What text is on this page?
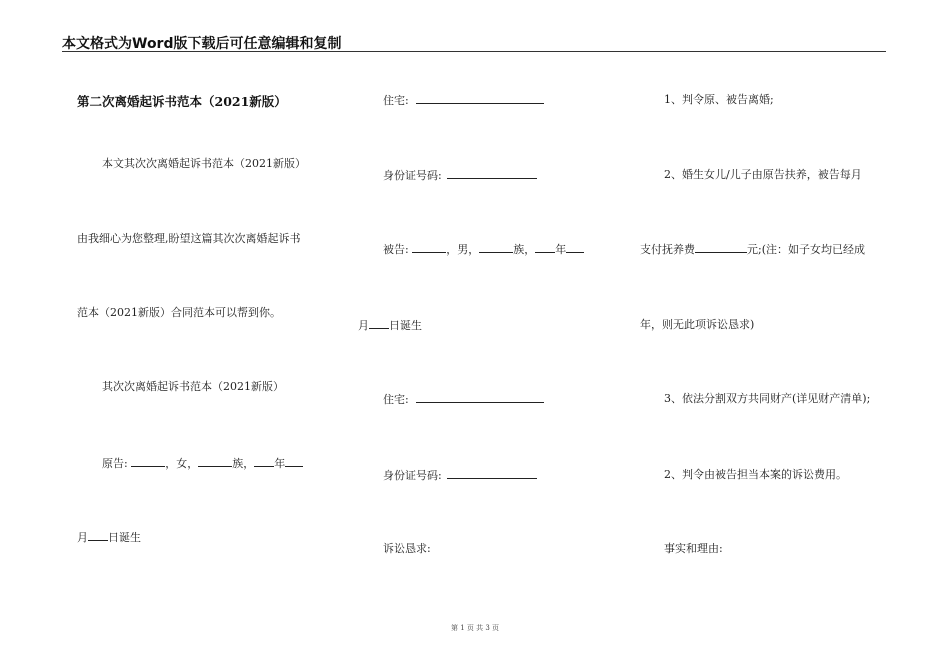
本文格式为Word版下载后可任意编辑和复制
第二次离婚起诉书范本（2021新版）
本文其次次离婚起诉书范本（2021新版）
由我细心为您整理,盼望这篇其次次离婚起诉书
范本（2021新版）合同范本可以帮到你。
其次次离婚起诉书范本（2021新版）
原告:	，女，	族， 年
月 日诞生
住宅:
身份证号码:
被告:	，男，	族， 年
月 日诞生
住宅:
身份证号码:
诉讼恳求:
1、判令原、被告离婚;
2、婚生女儿/儿子由原告扶养，被告每月
支付抚养费	元;(注：如子女均已经成
年，则无此项诉讼恳求)
3、依法分割双方共同财产(详见财产清单);
2、判令由被告担当本案的诉讼费用。
事实和理由:
第 1 页 共 3 页
